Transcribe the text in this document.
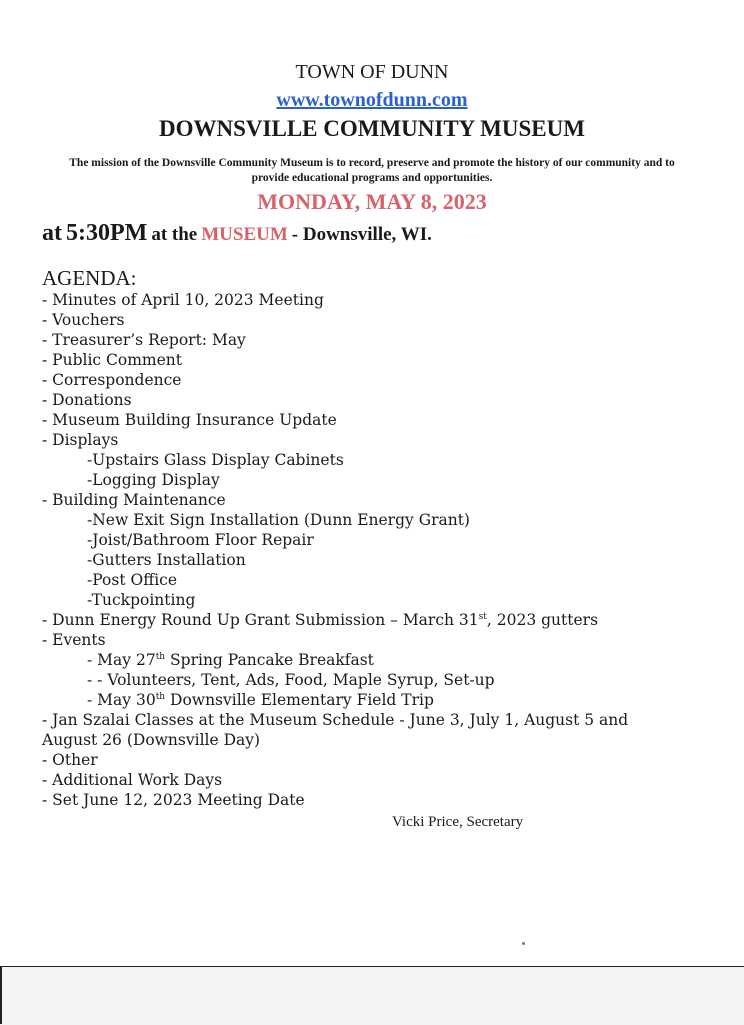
TOWN OF DUNN
www.townofdunn.com
DOWNSVILLE COMMUNITY MUSEUM
The mission of the Downsville Community Museum is to record, preserve and promote the history of our community and to provide educational programs and opportunities.
MONDAY, MAY 8, 2023
at 5:30PM at the MUSEUM - Downsville, WI.
AGENDA:
- Minutes of April 10, 2023 Meeting
- Vouchers
- Treasurer’s Report: May
- Public Comment
- Correspondence
- Donations
- Museum Building Insurance Update
- Displays
-Upstairs Glass Display Cabinets
-Logging Display
- Building Maintenance
-New Exit Sign Installation (Dunn Energy Grant)
-Joist/Bathroom Floor Repair
-Gutters Installation
-Post Office
-Tuckpointing
- Dunn Energy Round Up Grant Submission – March 31st, 2023 gutters
- Events
- May 27th Spring Pancake Breakfast
- - Volunteers, Tent, Ads, Food, Maple Syrup, Set-up
- May 30th Downsville Elementary Field Trip
- Jan Szalai Classes at the Museum Schedule - June 3, July 1, August 5 and
August 26 (Downsville Day)
- Other
- Additional Work Days
- Set June 12, 2023 Meeting Date
Vicki Price, Secretary
